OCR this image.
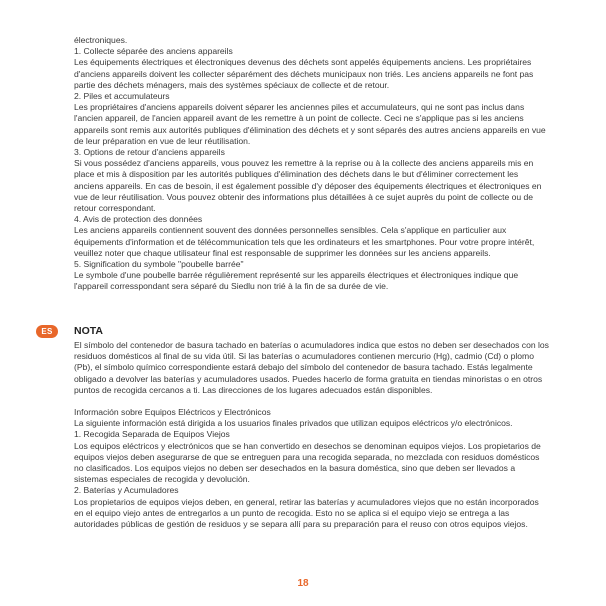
électroniques.

1. Collecte séparée des anciens appareils

Les équipements électriques et électroniques devenus des déchets sont appelés équipements anciens. Les propriétaires d'anciens appareils doivent les collecter séparément des déchets municipaux non triés. Les anciens appareils ne font pas partie des déchets ménagers, mais des systèmes spéciaux de collecte et de retour.

2. Piles et accumulateurs

Les propriétaires d'anciens appareils doivent séparer les anciennes piles et accumulateurs, qui ne sont pas inclus dans l'ancien appareil, de l'ancien appareil avant de les remettre à un point de collecte. Ceci ne s'applique pas si les anciens appareils sont remis aux autorités publiques d'élimination des déchets et y sont séparés des autres anciens appareils en vue de leur préparation en vue de leur réutilisation.

3. Options de retour d'anciens appareils

Si vous possédez d'anciens appareils, vous pouvez les remettre à la reprise ou à la collecte des anciens appareils mis en place et mis à disposition par les autorités publiques d'élimination des déchets dans le but d'éliminer correctement les anciens appareils. En cas de besoin, il est également possible d'y déposer des équipements électriques et électroniques en vue de leur réutilisation. Vous pouvez obtenir des informations plus détaillées à ce sujet auprès du point de collecte ou de retour correspondant.

4. Avis de protection des données

Les anciens appareils contiennent souvent des données personnelles sensibles. Cela s'applique en particulier aux équipements d'information et de télécommunication tels que les ordinateurs et les smartphones. Pour votre propre intérêt, veuillez noter que chaque utilisateur final est responsable de supprimer les données sur les anciens appareils.

5. Signification du symbole "poubelle barrée"

Le symbole d'une poubelle barrée régulièrement représenté sur les appareils électriques et électroniques indique que l'appareil corresspondant sera séparé du Siedlu non trié à la fin de sa durée de vie.

ES	NOTA

El símbolo del contenedor de basura tachado en baterías o acumuladores indica que estos no deben ser desechados con los residuos domésticos al final de su vida útil. Si las baterías o acumuladores contienen mercurio (Hg), cadmio (Cd) o plomo (Pb), el símbolo químico correspondiente estará debajo del símbolo del contenedor de basura tachado. Estás legalmente obligado a devolver las baterías y acumuladores usados. Puedes hacerlo de forma gratuita en tiendas minoristas o en otros puntos de recogida cercanos a ti. Las direcciones de los lugares adecuados están disponibles.

Información sobre Equipos Eléctricos y Electrónicos

La siguiente información está dirigida a los usuarios finales privados que utilizan equipos eléctricos y/o electrónicos.

1. Recogida Separada de Equipos Viejos

Los equipos eléctricos y electrónicos que se han convertido en desechos se denominan equipos viejos. Los propietarios de equipos viejos deben asegurarse de que se entreguen para una recogida separada, no mezclada con residuos domésticos no clasificados. Los equipos viejos no deben ser desechados en la basura doméstica, sino que deben ser llevados a sistemas especiales de recogida y devolución.

2. Baterías y Acumuladores

Los propietarios de equipos viejos deben, en general, retirar las baterías y acumuladores viejos que no están incorporados en el equipo viejo antes de entregarlos a un punto de recogida. Esto no se aplica si el equipo viejo se entrega a las autoridades públicas de gestión de residuos y se separa allí para su preparación para el reuso con otros equipos viejos.

18
